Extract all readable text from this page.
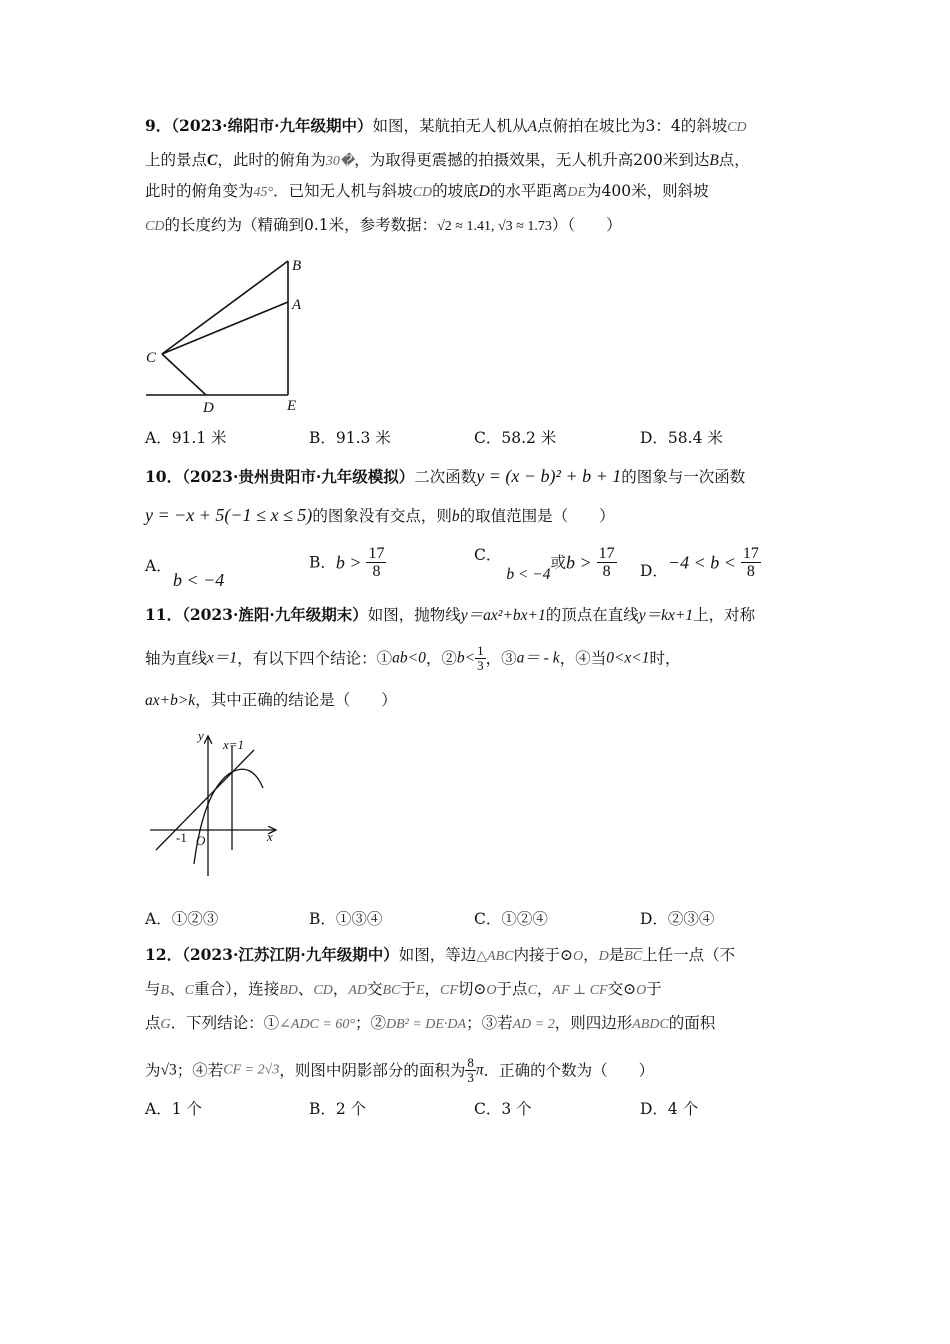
9．（2023·绵阳市·九年级期中）如图，某航拍无人机从A点俯拍在坡比为3：4的斜坡CD
上的景点C，此时的俯角为30�，为取得更震撼的拍摄效果，无人机升高200米到达B点，
此时的俯角变为45°．已知无人机与斜坡CD的坡底D的水平距离DE为400米，则斜坡
CD的长度约为（精确到0.1米，参考数据：√2 ≈ 1.41, √3 ≈ 1.73）（　　）
B
A
C
D	E
A．91.1 米	B．91.3 米	C．58.2 米	D．58.4 米
10．（2023·贵州贵阳市·九年级模拟）二次函数y = (x − b)² + b + 1的图象与一次函数
y = −x + 5(−1 ≤ x ≤ 5)的图象没有交点，则b的取值范围是（　　）
A．
b < −4
B．$b > \frac{17}{8}$	C． b < −4或$b > \frac{17}{8}$ D．$-4 < b < \frac{17}{8}$
11．（2023·旌阳·九年级期末）如图，抛物线y＝ax²+bx+1的顶点在直线y＝kx+1上，对称
轴为直线x＝1，有以下四个结论：①ab<0，②b< $\frac{1}{3}$ ，③a＝ - k，④当0<x<1时，
ax+b>k，其中正确的结论是（　　）
y
x
x=1
-1 O
A．①②③	B．①③④	C．①②④	D．②③④
12．（2023·江苏江阴·九年级期中）如图，等边△ABC内接于⊙O，D是$\overline{BC}$上任一点（不
与B、C重合），连接BD、CD，AD交BC于E，CF切⊙O于点C，AF ⊥ CF交⊙O于
点G．下列结论：①∠ADC = 60°；②DB² = DE·DA；③若AD = 2，则四边形ABDC的面积
为√3；④若CF = 2√3，则图中阴影部分的面积为 $\frac{8}{3}$ π．正确的个数为（　　）
A．1 个	B．2 个	C．3 个	D．4 个
